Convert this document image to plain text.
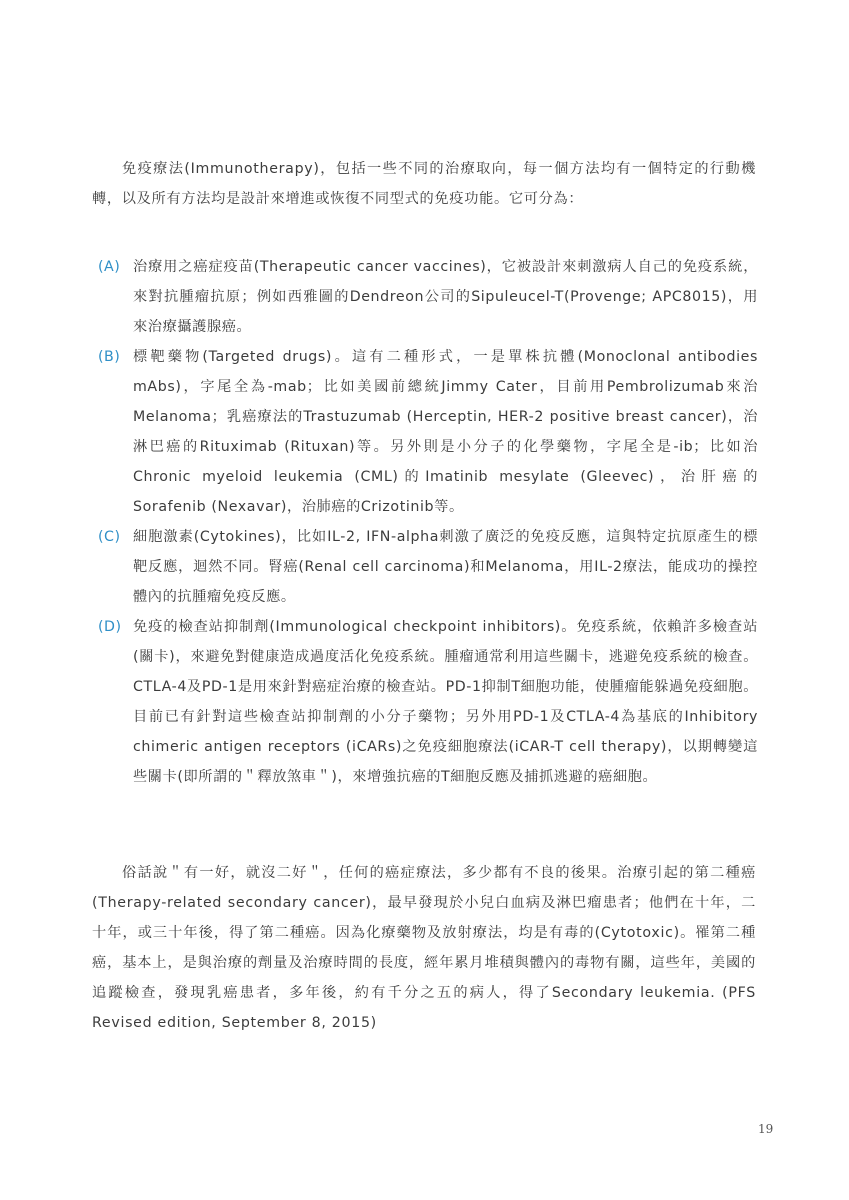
免疫療法(Immunotherapy)，包括一些不同的治療取向，每一個方法均有一個特定的行動機轉，以及所有方法均是設計來增進或恢復不同型式的免疫功能。它可分為：

(A) 治療用之癌症疫苗(Therapeutic cancer vaccines)，它被設計來刺激病人自己的免疫系統，來對抗腫瘤抗原；例如西雅圖的Dendreon公司的Sipuleucel-T(Provenge; APC8015)，用來治療攝護腺癌。
(B) 標靶藥物(Targeted drugs)。這有二種形式，一是單株抗體(Monoclonal antibodies mAbs)，字尾全為-mab；比如美國前總統Jimmy Cater，目前用Pembrolizumab來治Melanoma；乳癌療法的Trastuzumab (Herceptin, HER-2 positive breast cancer)，治淋巴癌的Rituximab (Rituxan)等。另外則是小分子的化學藥物，字尾全是-ib；比如治Chronic myeloid leukemia (CML)的Imatinib mesylate (Gleevec)，治肝癌的Sorafenib (Nexavar)，治肺癌的Crizotinib等。
(C) 細胞激素(Cytokines)，比如IL-2, IFN-alpha刺激了廣泛的免疫反應，這與特定抗原產生的標靶反應，迴然不同。腎癌(Renal cell carcinoma)和Melanoma，用IL-2療法，能成功的操控體內的抗腫瘤免疫反應。
(D) 免疫的檢查站抑制劑(Immunological checkpoint inhibitors)。免疫系統，依賴許多檢查站(關卡)，來避免對健康造成過度活化免疫系統。腫瘤通常利用這些關卡，逃避免疫系統的檢查。CTLA-4及PD-1是用來針對癌症治療的檢查站。PD-1抑制T細胞功能，使腫瘤能躲過免疫細胞。目前已有針對這些檢查站抑制劑的小分子藥物；另外用PD-1及CTLA-4為基底的Inhibitory chimeric antigen receptors (iCARs)之免疫細胞療法(iCAR-T cell therapy)，以期轉變這些關卡(即所謂的＂釋放煞車＂)，來增強抗癌的T細胞反應及捕抓逃避的癌細胞。

俗話說＂有一好，就沒二好＂，任何的癌症療法，多少都有不良的後果。治療引起的第二種癌(Therapy-related secondary cancer)，最早發現於小兒白血病及淋巴瘤患者；他們在十年，二十年，或三十年後，得了第二種癌。因為化療藥物及放射療法，均是有毒的(Cytotoxic)。罹第二種癌，基本上，是與治療的劑量及治療時間的長度，經年累月堆積與體內的毒物有關，這些年，美國的追蹤檢查，發現乳癌患者，多年後，約有千分之五的病人，得了Secondary leukemia. (PFS Revised edition, September 8, 2015)

19
